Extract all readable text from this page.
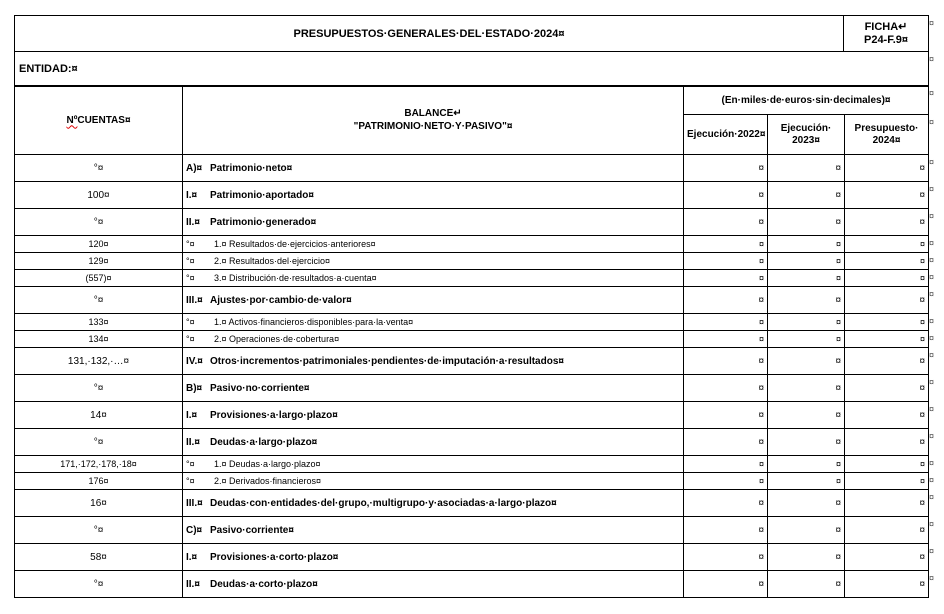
PRESUPUESTOS·GENERALES·DEL·ESTADO·2024¤	FICHA↵
P24-F.9¤
ENTIDAD:¤
NºCUENTAS¤	BALANCE↵
"PATRIMONIO·NETO·Y·PASIVO"¤	(En·miles·de·euros·sin·decimales)¤		
		Ejecución·2022¤	Ejecución·
2023¤	Presupuesto·
2024¤
°¤	A)¤ Patrimonio·neto¤	¤	¤	¤
100¤	I.¤ Patrimonio·aportado¤	¤	¤	¤
°¤	II.¤ Patrimonio·generado¤	¤	¤	¤
120¤	°¤ 1.¤ Resultados·de·ejercicios·anteriores¤	¤	¤	¤
129¤	°¤ 2.¤ Resultados·del·ejercicio¤	¤	¤	¤
(557)¤	°¤ 3.¤ Distribución·de·resultados·a·cuenta¤	¤	¤	¤
°¤	III.¤ Ajustes·por·cambio·de·valor¤	¤	¤	¤
133¤	°¤ 1.¤ Activos·financieros·disponibles·para·la·venta¤	¤	¤	¤
134¤	°¤ 2.¤ Operaciones·de·cobertura¤	¤	¤	¤
131,·132,·…¤	IV.¤ Otros·incrementos·patrimoniales·pendientes·de·imputación·a·resultados¤	¤	¤	¤
°¤	B)¤ Pasivo·no·corriente¤	¤	¤	¤
14¤	I.¤ Provisiones·a·largo·plazo¤	¤	¤	¤
°¤	II.¤ Deudas·a·largo·plazo¤	¤	¤	¤
171,·172,·178,·18¤	°¤ 1.¤ Deudas·a·largo·plazo¤	¤	¤	¤
176¤	°¤ 2.¤ Derivados·financieros¤	¤	¤	¤
16¤	III.¤ Deudas·con·entidades·del·grupo,·multigrupo·y·asociadas·a·largo·plazo¤	¤	¤	¤
°¤	C)¤ Pasivo·corriente¤	¤	¤	¤
58¤	I.¤ Provisiones·a·corto·plazo¤	¤	¤	¤
°¤	II.¤ Deudas·a·corto·plazo¤	¤	¤	¤
¤
¤
¤
¤
¤
¤
¤
¤
¤
¤
¤
¤
¤
¤
¤
¤
¤
¤
¤
¤
¤
¤
¤
